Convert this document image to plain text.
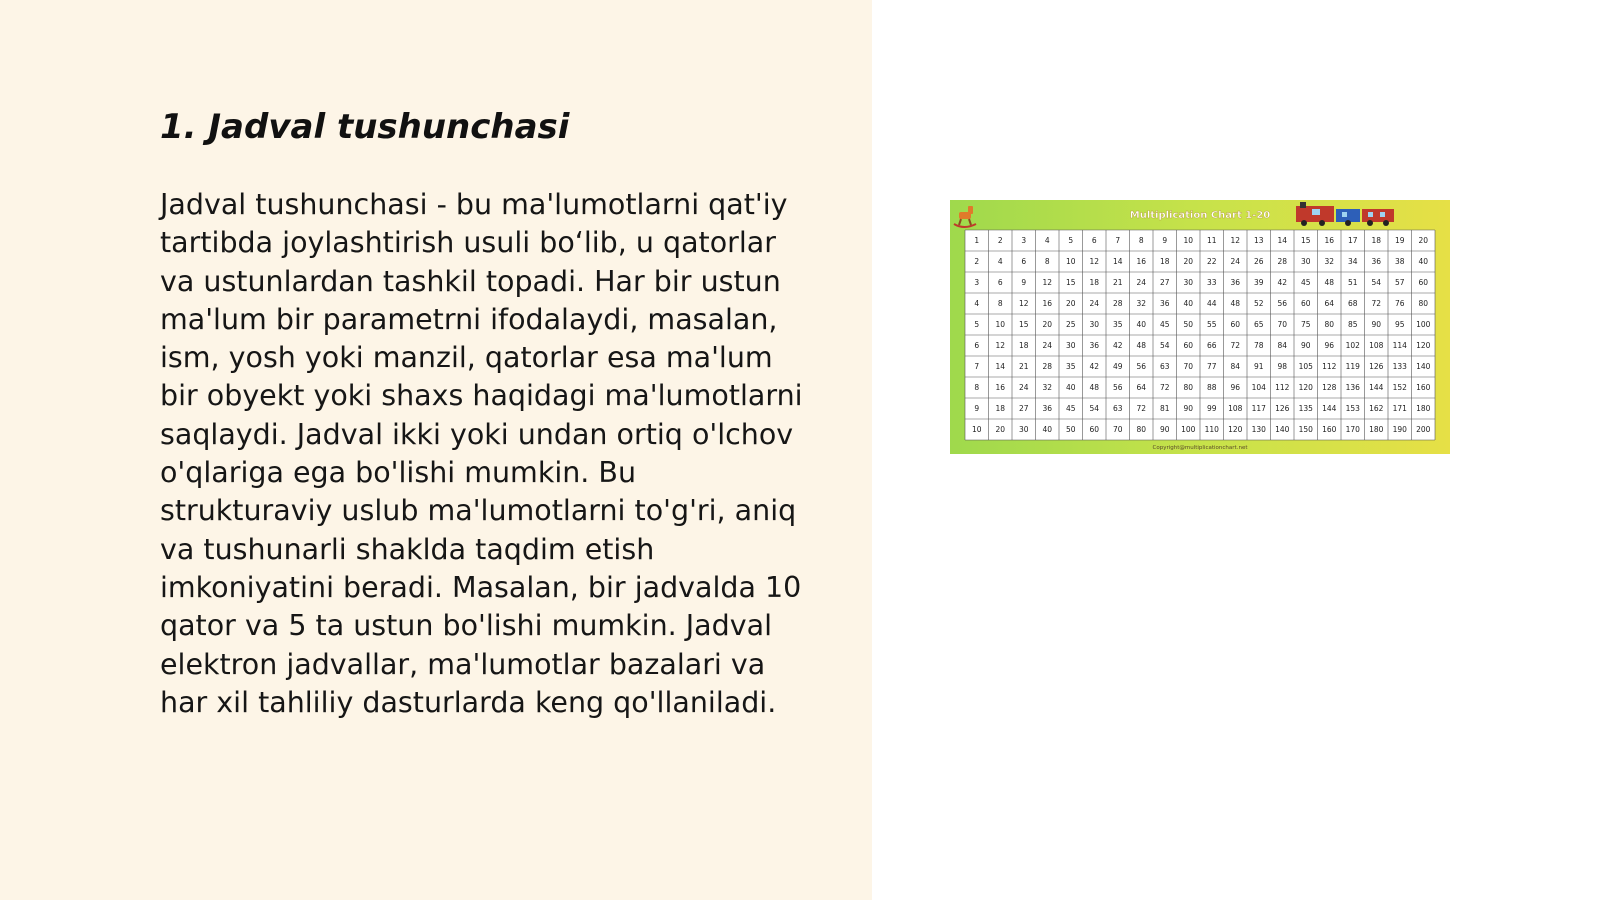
1. Jadval tushunchasi
Jadval tushunchasi - bu ma'lumotlarni qat'iy
tartibda joylashtirish usuli bo‘lib, u qatorlar
va ustunlardan tashkil topadi. Har bir ustun
ma'lum bir parametrni ifodalaydi, masalan,
ism, yosh yoki manzil, qatorlar esa ma'lum
bir obyekt yoki shaxs haqidagi ma'lumotlarni
saqlaydi. Jadval ikki yoki undan ortiq o'lchov
o'qlariga ega bo'lishi mumkin. Bu
strukturaviy uslub ma'lumotlarni to'g'ri, aniq
va tushunarli shaklda taqdim etish
imkoniyatini beradi. Masalan, bir jadvalda 10
qator va 5 ta ustun bo'lishi mumkin. Jadval
elektron jadvallar, ma'lumotlar bazalari va
har xil tahliliy dasturlarda keng qo'llaniladi.
Multiplication Chart 1-20
1 2 3 4 5 6 7 8 9 10 11 12 13 14 15 16 17 18 19 20
2 4 6 8 10 12 14 16 18 20 22 24 26 28 30 32 34 36 38 40
3 6 9 12 15 18 21 24 27 30 33 36 39 42 45 48 51 54 57 60
4 8 12 16 20 24 28 32 36 40 44 48 52 56 60 64 68 72 76 80
5 10 15 20 25 30 35 40 45 50 55 60 65 70 75 80 85 90 95 100
6 12 18 24 30 36 42 48 54 60 66 72 78 84 90 96 102 108 114 120
7 14 21 28 35 42 49 56 63 70 77 84 91 98 105 112 119 126 133 140
8 16 24 32 40 48 56 64 72 80 88 96 104 112 120 128 136 144 152 160
9 18 27 36 45 54 63 72 81 90 99 108 117 126 135 144 153 162 171 180
10 20 30 40 50 60 70 80 90 100 110 120 130 140 150 160 170 180 190 200
Copyright@multiplicationchart.net
